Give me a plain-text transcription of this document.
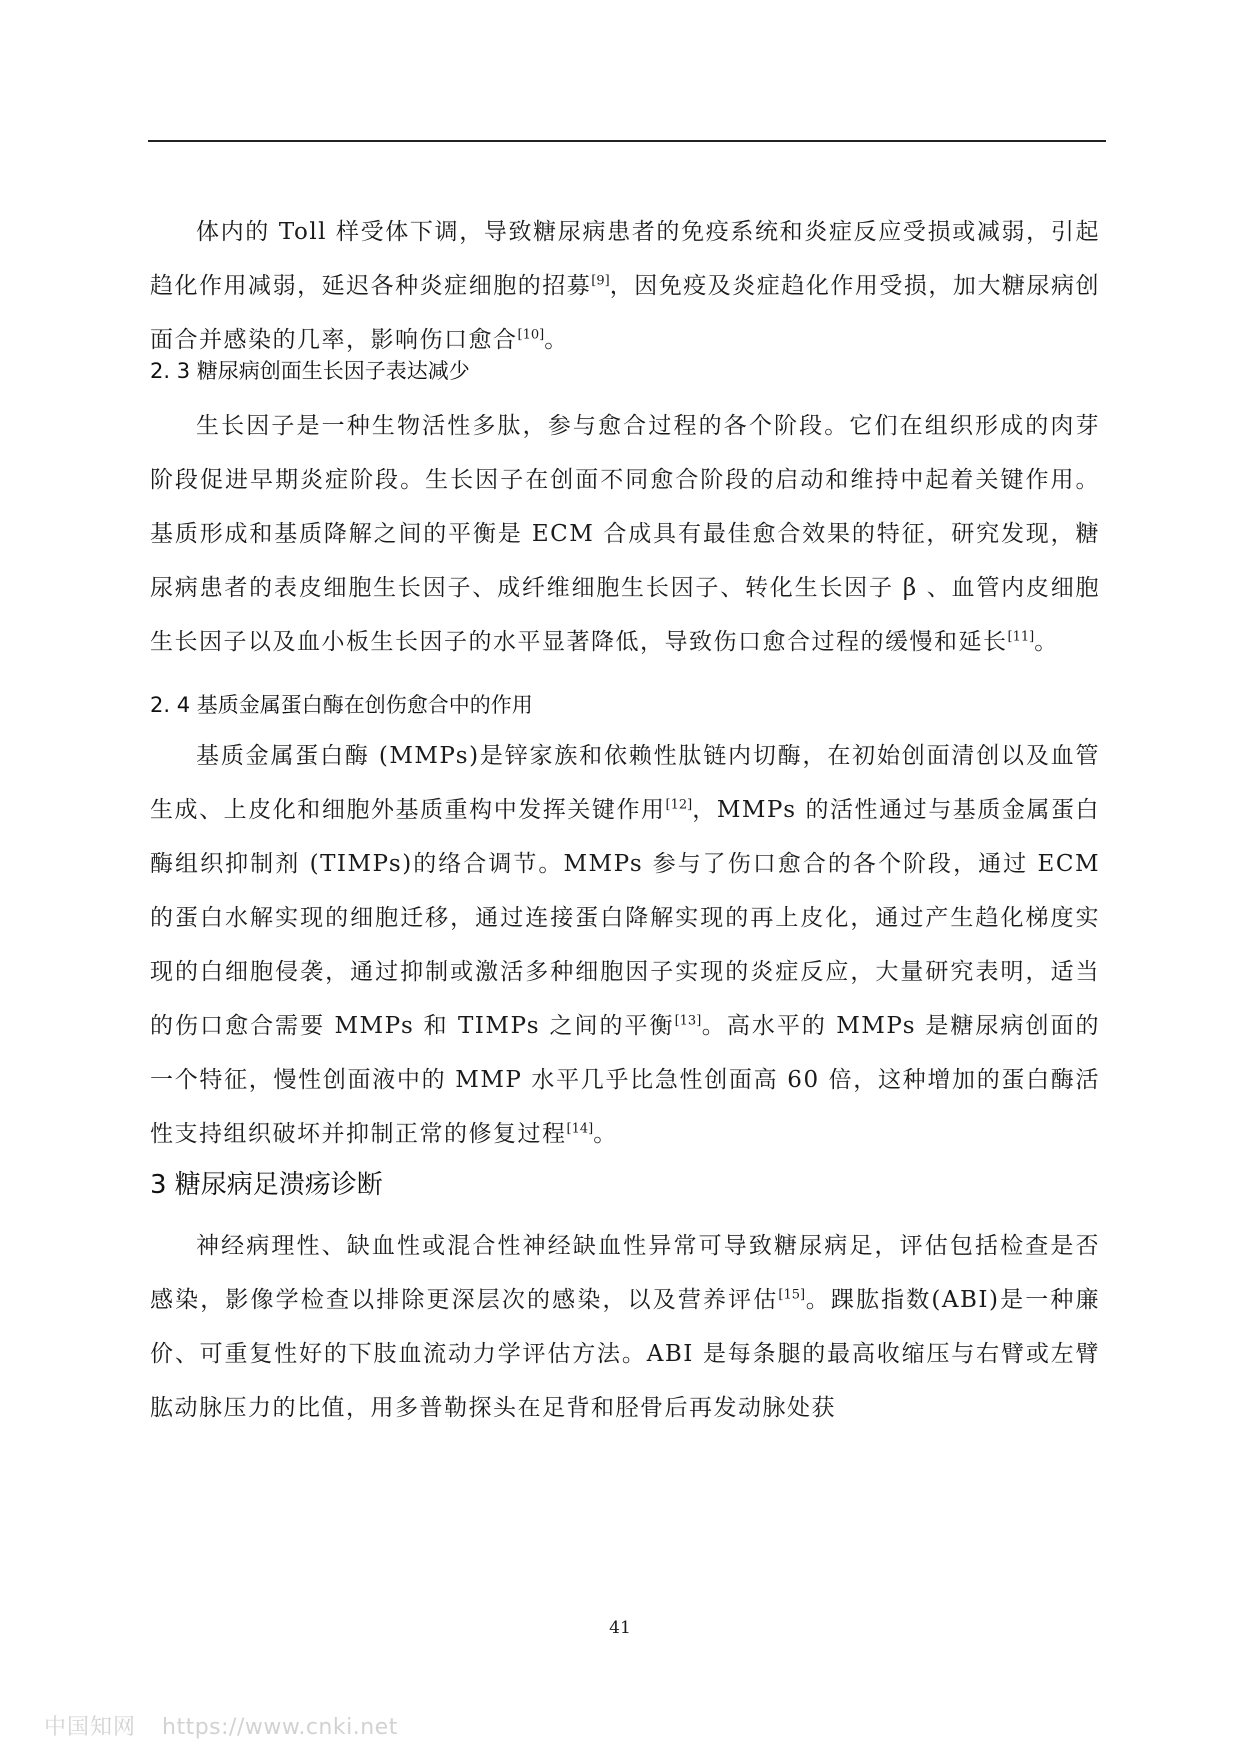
体内的 Toll 样受体下调，导致糖尿病患者的免疫系统和炎症反应受损或减弱，引起趋化作用减弱，延迟各种炎症细胞的招募[9]，因免疫及炎症趋化作用受损，加大糖尿病创面合并感染的几率，影响伤口愈合[10]。

2. 3 糖尿病创面生长因子表达减少

生长因子是一种生物活性多肽，参与愈合过程的各个阶段。它们在组织形成的肉芽阶段促进早期炎症阶段。生长因子在创面不同愈合阶段的启动和维持中起着关键作用。基质形成和基质降解之间的平衡是 ECM 合成具有最佳愈合效果的特征，研究发现，糖尿病患者的表皮细胞生长因子、成纤维细胞生长因子、转化生长因子 β 、血管内皮细胞生长因子以及血小板生长因子的水平显著降低，导致伤口愈合过程的缓慢和延长[11]。

2. 4 基质金属蛋白酶在创伤愈合中的作用

基质金属蛋白酶 (MMPs)是锌家族和依赖性肽链内切酶，在初始创面清创以及血管生成、上皮化和细胞外基质重构中发挥关键作用[12]，MMPs 的活性通过与基质金属蛋白酶组织抑制剂 (TIMPs)的络合调节。MMPs 参与了伤口愈合的各个阶段，通过 ECM 的蛋白水解实现的细胞迁移，通过连接蛋白降解实现的再上皮化，通过产生趋化梯度实现的白细胞侵袭，通过抑制或激活多种细胞因子实现的炎症反应，大量研究表明，适当的伤口愈合需要 MMPs 和 TIMPs 之间的平衡[13]。高水平的 MMPs 是糖尿病创面的一个特征，慢性创面液中的 MMP 水平几乎比急性创面高 60 倍，这种增加的蛋白酶活性支持组织破坏并抑制正常的修复过程[14]。

3 糖尿病足溃疡诊断

神经病理性、缺血性或混合性神经缺血性异常可导致糖尿病足，评估包括检查是否感染，影像学检查以排除更深层次的感染，以及营养评估[15]。踝肱指数(ABI)是一种廉价、可重复性好的下肢血流动力学评估方法。ABI 是每条腿的最高收缩压与右臂或左臂肱动脉压力的比值，用多普勒探头在足背和胫骨后再发动脉处获

41
中国知网 https://www.cnki.net
